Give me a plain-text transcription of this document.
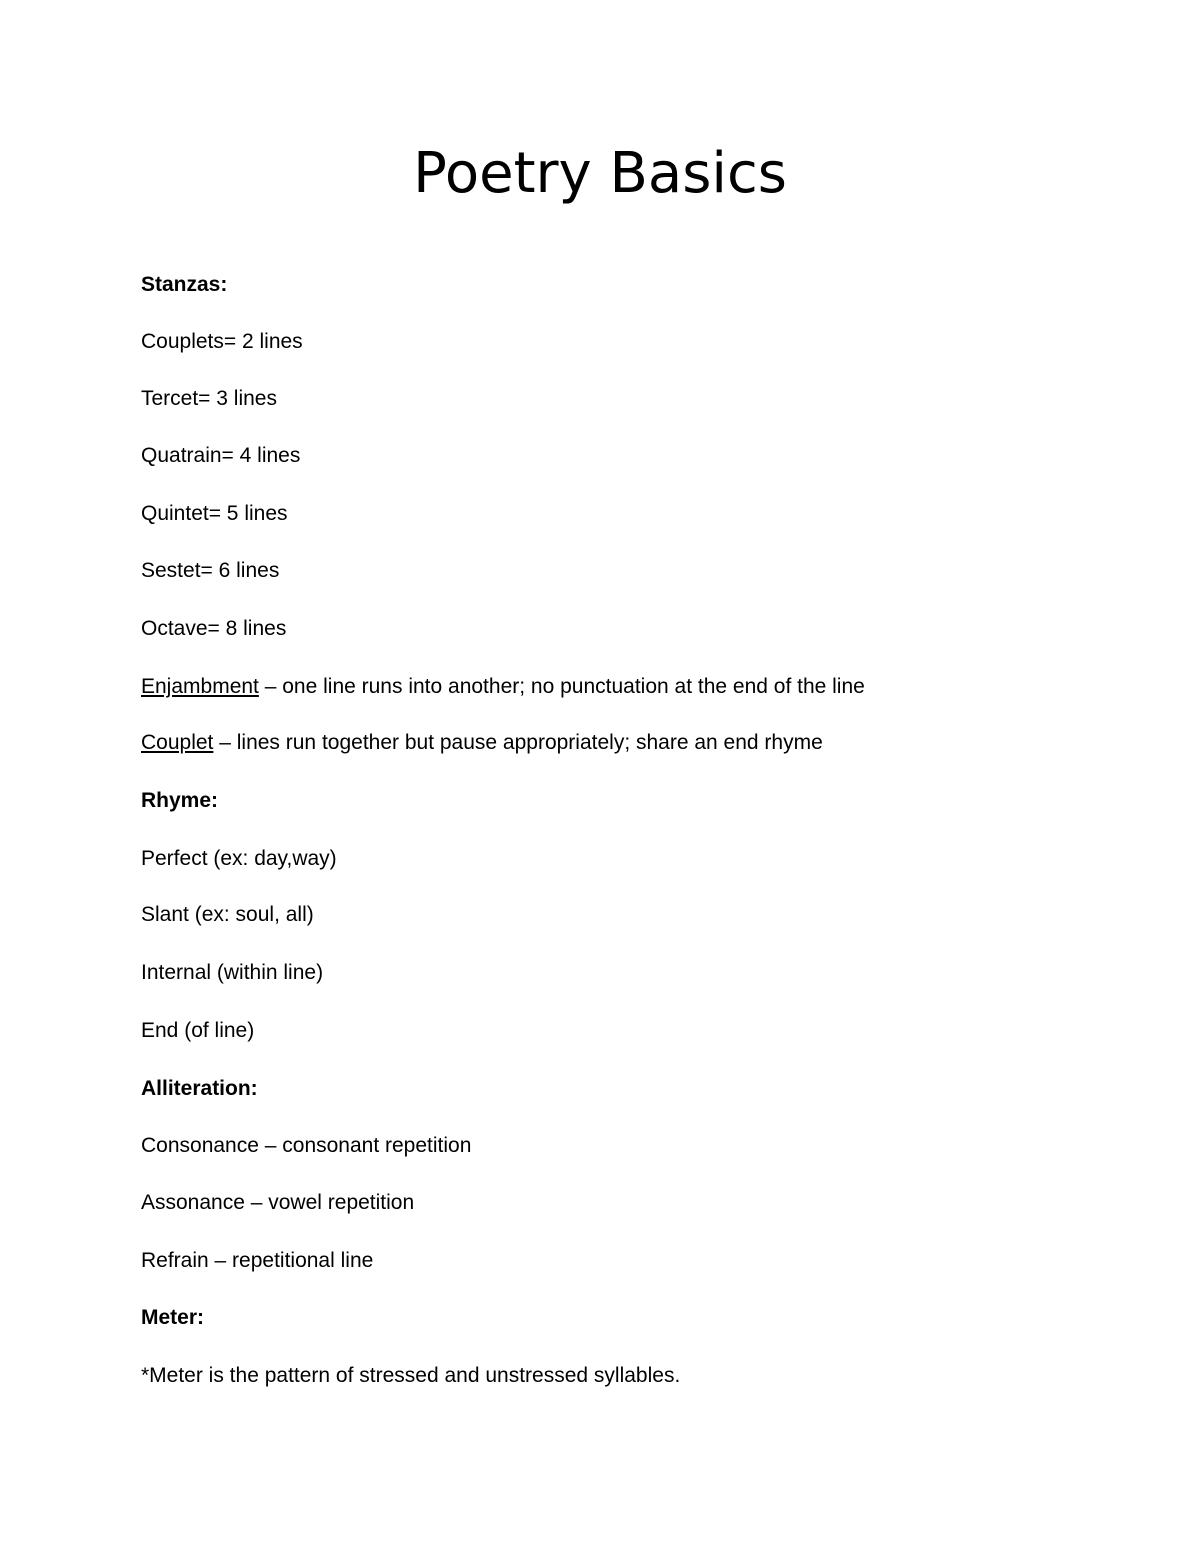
Poetry Basics
Stanzas:
Couplets= 2 lines
Tercet= 3 lines
Quatrain= 4 lines
Quintet= 5 lines
Sestet= 6 lines
Octave= 8 lines
Enjambment – one line runs into another; no punctuation at the end of the line
Couplet – lines run together but pause appropriately; share an end rhyme
Rhyme:
Perfect (ex: day,way)
Slant (ex: soul, all)
Internal (within line)
End (of line)
Alliteration:
Consonance – consonant repetition
Assonance – vowel repetition
Refrain – repetitional line
Meter:
*Meter is the pattern of stressed and unstressed syllables.
